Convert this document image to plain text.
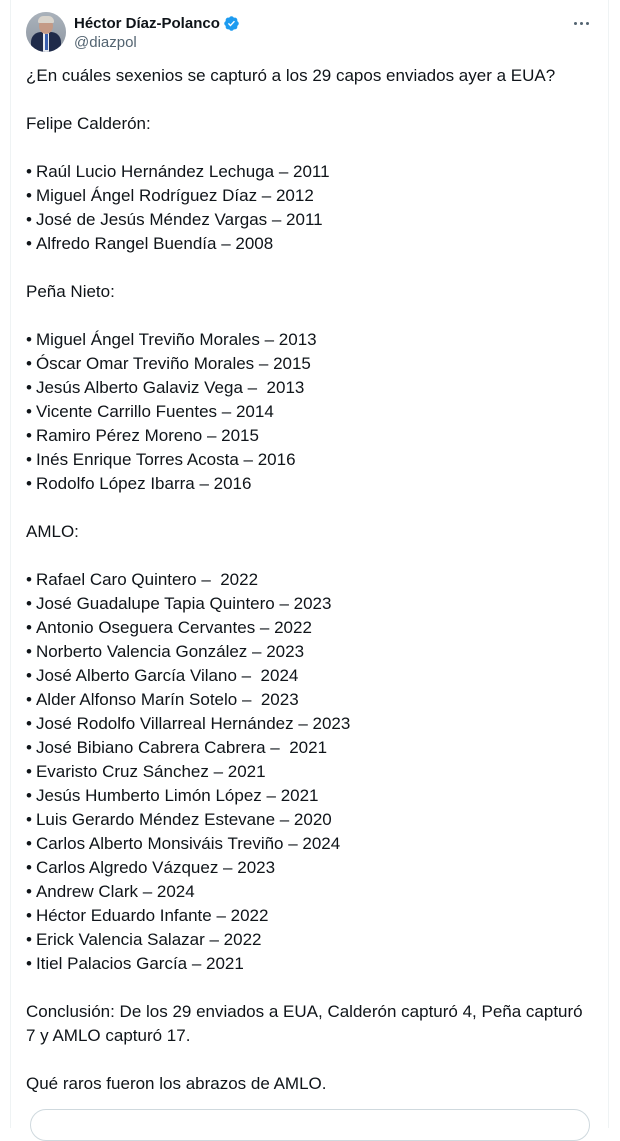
Héctor Díaz-Polanco
@diazpol
¿En cuáles sexenios se capturó a los 29 capos enviados ayer a EUA?
Felipe Calderón:
• Raúl Lucio Hernández Lechuga – 2011
• Miguel Ángel Rodríguez Díaz – 2012
• José de Jesús Méndez Vargas – 2011
• Alfredo Rangel Buendía – 2008
Peña Nieto:
• Miguel Ángel Treviño Morales – 2013
• Óscar Omar Treviño Morales – 2015
• Jesús Alberto Galaviz Vega –  2013
• Vicente Carrillo Fuentes – 2014
• Ramiro Pérez Moreno – 2015
• Inés Enrique Torres Acosta – 2016
• Rodolfo López Ibarra – 2016
AMLO:
• Rafael Caro Quintero –  2022
• José Guadalupe Tapia Quintero – 2023
• Antonio Oseguera Cervantes – 2022
• Norberto Valencia González – 2023
• José Alberto García Vilano –  2024
• Alder Alfonso Marín Sotelo –  2023
• José Rodolfo Villarreal Hernández – 2023
• José Bibiano Cabrera Cabrera –  2021
• Evaristo Cruz Sánchez – 2021
• Jesús Humberto Limón López – 2021
• Luis Gerardo Méndez Estevane – 2020
• Carlos Alberto Monsiváis Treviño – 2024
• Carlos Algredo Vázquez – 2023
• Andrew Clark – 2024
• Héctor Eduardo Infante – 2022
• Erick Valencia Salazar – 2022
• Itiel Palacios García – 2021
Conclusión: De los 29 enviados a EUA, Calderón capturó 4, Peña capturó 7 y AMLO capturó 17.
Qué raros fueron los abrazos de AMLO.
